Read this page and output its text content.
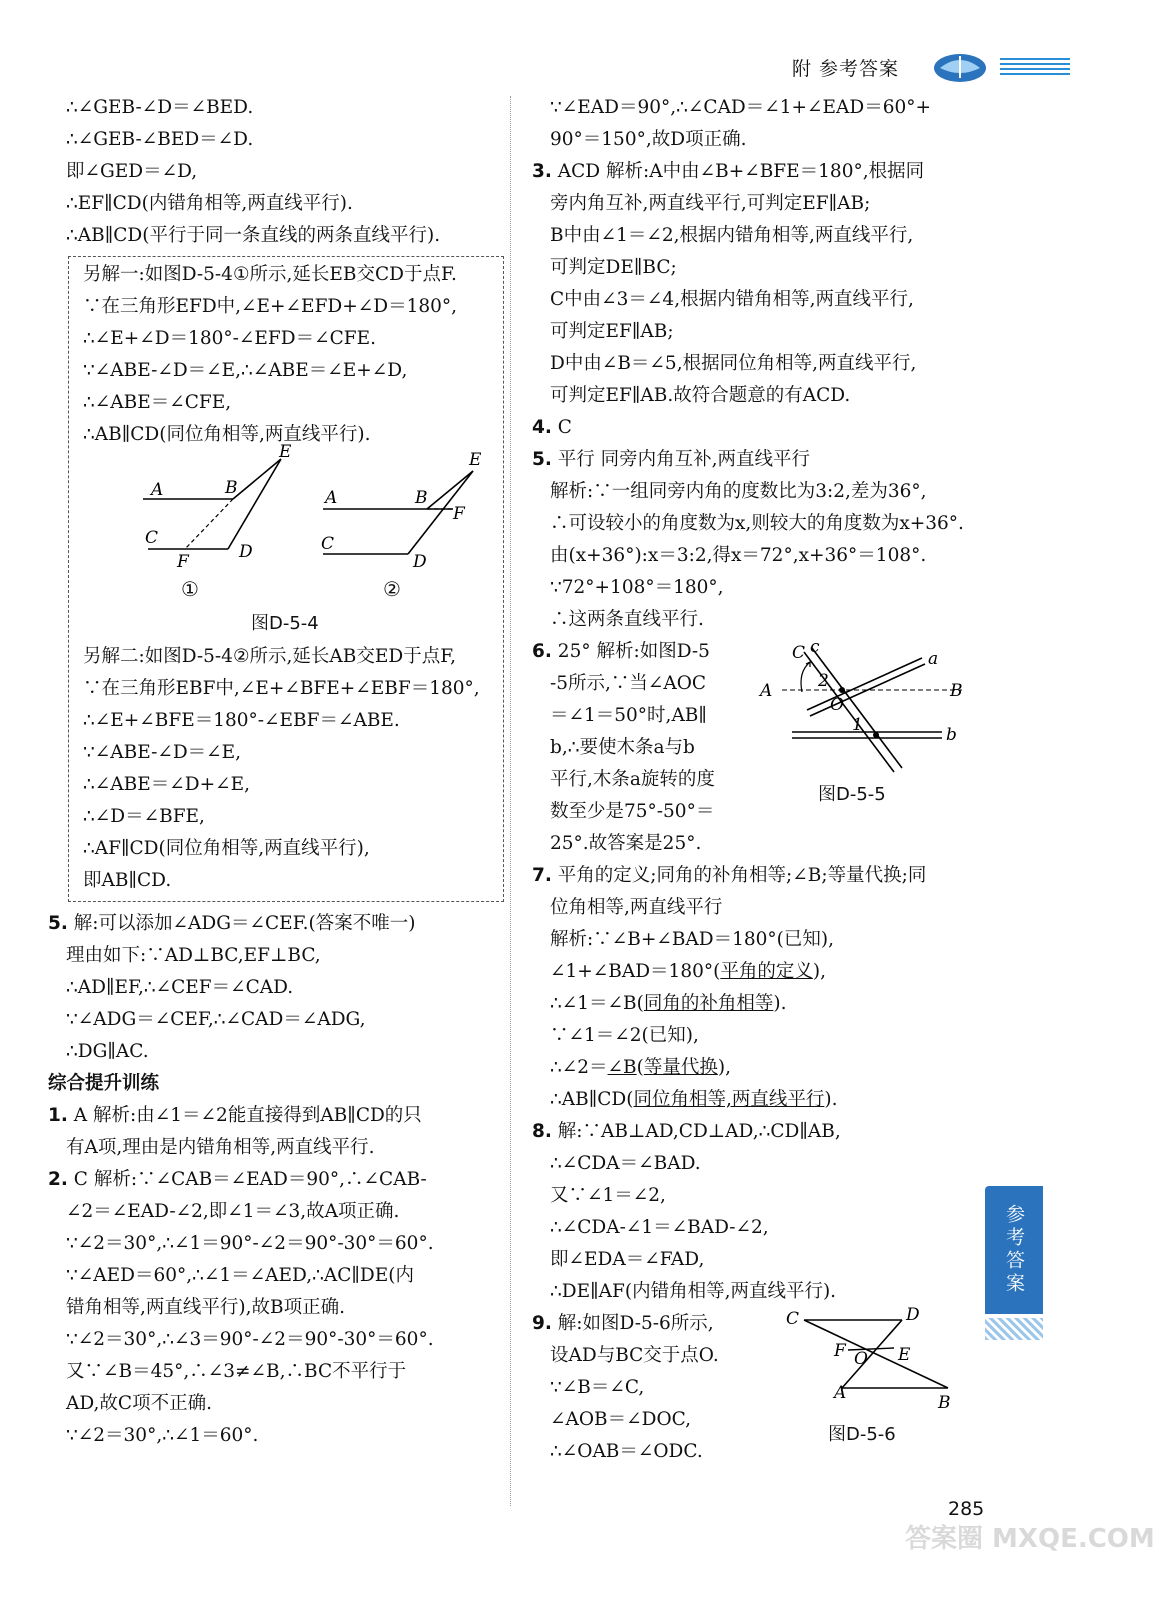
附 参考答案
∴∠GEB-∠D＝∠BED.
∴∠GEB-∠BED＝∠D.
即∠GED＝∠D,
∴EF∥CD(内错角相等,两直线平行).
∴AB∥CD(平行于同一条直线的两条直线平行).
另解一:如图D-5-4①所示,延长EB交CD于点F.
∵在三角形EFD中,∠E+∠EFD+∠D＝180°,
∴∠E+∠D＝180°-∠EFD＝∠CFE.
∵∠ABE-∠D＝∠E,∴∠ABE＝∠E+∠D,
∴∠ABE＝∠CFE,
∴AB∥CD(同位角相等,两直线平行).
E
A	B
C
F	D
①
E
A	B
F
C
D
②
图D-5-4
另解二:如图D-5-4②所示,延长AB交ED于点F,
∵在三角形EBF中,∠E+∠BFE+∠EBF＝180°,
∴∠E+∠BFE＝180°-∠EBF＝∠ABE.
∵∠ABE-∠D＝∠E,
∴∠ABE＝∠D+∠E,
∴∠D＝∠BFE,
∴AF∥CD(同位角相等,两直线平行),
即AB∥CD.
5. 解:可以添加∠ADG＝∠CEF.(答案不唯一)
理由如下:∵AD⊥BC,EF⊥BC,
∴AD∥EF,∴∠CEF＝∠CAD.
∵∠ADG＝∠CEF,∴∠CAD＝∠ADG,
∴DG∥AC.
综合提升训练
1. A 解析:由∠1＝∠2能直接得到AB∥CD的只
有A项,理由是内错角相等,两直线平行.
2. C 解析:∵∠CAB＝∠EAD＝90°,∴∠CAB-
∠2＝∠EAD-∠2,即∠1＝∠3,故A项正确.
∵∠2＝30°,∴∠1＝90°-∠2＝90°-30°＝60°.
∵∠AED＝60°,∴∠1＝∠AED,∴AC∥DE(内
错角相等,两直线平行),故B项正确.
∵∠2＝30°,∴∠3＝90°-∠2＝90°-30°＝60°.
又∵∠B＝45°,∴∠3≠∠B,∴BC不平行于
AD,故C项不正确.
∵∠2＝30°,∴∠1＝60°.
∵∠EAD＝90°,∴∠CAD＝∠1+∠EAD＝60°+
90°＝150°,故D项正确.
3. ACD 解析:A中由∠B+∠BFE＝180°,根据同
旁内角互补,两直线平行,可判定EF∥AB;
B中由∠1＝∠2,根据内错角相等,两直线平行,
可判定DE∥BC;
C中由∠3＝∠4,根据内错角相等,两直线平行,
可判定EF∥AB;
D中由∠B＝∠5,根据同位角相等,两直线平行,
可判定EF∥AB.故符合题意的有ACD.
4. C
5. 平行 同旁内角互补,两直线平行
解析:∵一组同旁内角的度数比为3:2,差为36°,
∴可设较小的角度数为x,则较大的角度数为x+36°.
由(x+36°):x＝3:2,得x＝72°,x+36°＝108°.
∵72°+108°＝180°,
∴这两条直线平行.
6. 25° 解析:如图D-5
-5所示,∵当∠AOC
＝∠1＝50°时,AB∥
b,∴要使木条a与b
平行,木条a旋转的度
数至少是75°-50°＝
25°.故答案是25°.
C c
a
A	2
O
B
1	b
图D-5-5
7. 平角的定义;同角的补角相等;∠B;等量代换;同
位角相等,两直线平行
解析:∵∠B+∠BAD＝180°(已知),
∠1+∠BAD＝180°(平角的定义),
∴∠1＝∠B(同角的补角相等).
∵∠1＝∠2(已知),
∴∠2＝∠B(等量代换),
∴AB∥CD(同位角相等,两直线平行).
8. 解:∵AB⊥AD,CD⊥AD,∴CD∥AB,
∴∠CDA＝∠BAD.
又∵∠1＝∠2,
∴∠CDA-∠1＝∠BAD-∠2,
即∠EDA＝∠FAD,
∴DE∥AF(内错角相等,两直线平行).
9. 解:如图D-5-6所示,
设AD与BC交于点O.
∵∠B＝∠C,
∠AOB＝∠DOC,
∴∠OAB＝∠ODC.
C	D
F O E
A	B
图D-5-6
参考答案
答案圈 MXQE.COM
285
